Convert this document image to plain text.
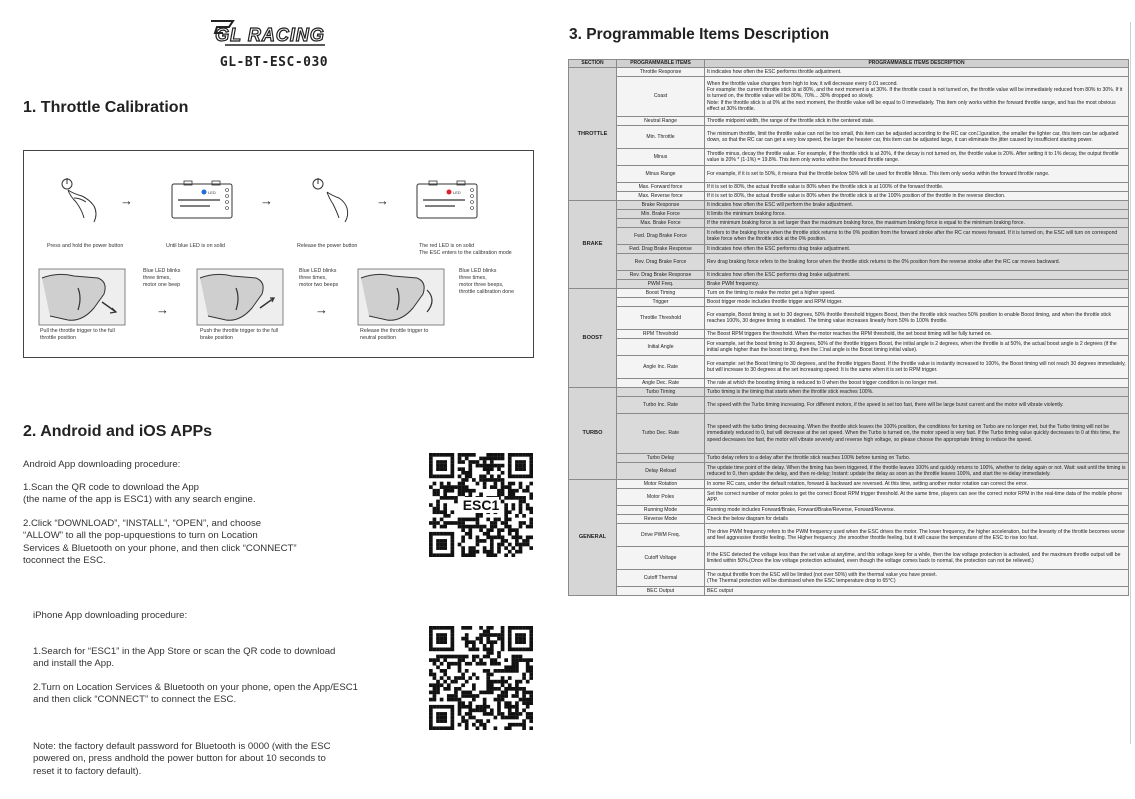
GL RACING
GL-BT-ESC-030
1. Throttle Calibration
→
LED
→	→
LED
Press and hold the power button	Until blue LED is on solid	Release the power button	The red LED is on solid
The ESC enters to the calibration mode
Blue LED blinks
three times,
motor one beep
→
Blue LED blinks
three times,
motor two beeps
→
Blue LED blinks
three times,
motor three beeps,
throttle calibration done
Pull the throttle trigger to the full
throttle position
Push the throttle trigger to the full
brake position
Release the throttle trigger to
neutral position
2. Android and iOS APPs
Android App downloading procedure:
1.Scan the QR code to download the App
(the name of the app is ESC1) with any search engine.
2.Click “DOWNLOAD”, “INSTALL”, “OPEN”, and choose
“ALLOW” to all the pop-upquestions to turn on Location
Services & Bluetooth on your phone, and then click “CONNECT”
toconnect the ESC.
ESC1
iPhone App downloading procedure:
1.Search for “ESC1” in the App Store or scan the QR code to download
and install the App.
2.Turn on Location Services & Bluetooth on your phone, open the App/ESC1
and then click “CONNECT” to connect the ESC.
Note: the factory default password for Bluetooth is 0000 (with the ESC
powered on, press andhold the power button for about 10 seconds to
reset it to factory default).
3. Programmable Items Description
SECTION	PROGRAMMABLE ITEMS	PROGRAMMABLE ITEMS DESCRIPTION
THROTTLE	Throttle Response	It indicates how often the ESC performs throttle adjustment.
	Coast	When the throttle value changes from high to low, it will decrease every 0.01 second.
For example: the current throttle stick is at 80%, and the next moment is at 30%. If the throttle coast is not turned on, the throttle value will be immediately reduced from 80% to 30%. If it is turned on, the throttle value will be 80%, 70%... 30% dropped so slowly.
Note: If the throttle stick is at 0% at the next moment, the throttle value will be equal to 0 immediately. This item only works within the forward throttle range, and has the most obvious effect at 30% throttle.
	Neutral Range	Throttle midpoint width, the range of the throttle stick in the centered state.
	Min. Throttle	The minimum throttle, limit the throttle value can not be too small, this item can be adjusted according to the RC car con☐guration, the smaller the lighter car, this item can be adjusted down, so that the RC car can get a very low speed, the larger the heavier car, this item can be adjusted large, it can eliminate the jitter caused by insufficient starting power.
	Minus	Throttle minus, decay the throttle value. For example, if the throttle stick is at 20%, if the decay is not turned on, the throttle value is 20%. After setting it to 1% decay, the output throttle value is 20% * (1-1%) = 19.8%. This item only works within the forward throttle range.
	Minus Range	For example, if it is set to 50%, it means that the throttle below 50% will be used for throttle Minus. This item only works within the forward throttle range.
	Max. Forward force	If it is set to 80%, the actual throttle value is 80% when the throttle stick is at 100% of the forward throttle.
	Max. Reverse force	If it is set to 80%, the actual throttle value is 80% when the throttle stick is at the 100% position of the throttle in the reverse direction.
BRAKE	Brake Response	It indicates how often the ESC will perform the brake adjustment.
	Min. Brake Force	It limits the minimum braking force.
	Max. Brake Force	If the minimum braking force is set larger than the maximum braking force, the maximum braking force is equal to the minimum braking force.
	Fwd. Drag Brake Force	It refers to the braking force when the throttle stick returns to the 0% position from the forward stroke after the RC car moves forward. If it is turned on, the ESC will turn on correspond brake force when the throttle stick at the 0% position.
	Fwd. Drag Brake Response	It indicates how often the ESC performs drag brake adjustment.
	Rev. Drag Brake Force	Rev drag braking force refers to the braking force when the throttle stick returns to the 0% position from the reverse stroke after the RC car moves backward.
	Rev. Drag Brake Response	It indicates how often the ESC performs drag brake adjustment.
	PWM Freq.	Brake PWM frequency.
BOOST	Boost Timing	Turn on the timing to make the motor get a higher speed.
	Trigger	Boost trigger mode includes throttle trigger and RPM trigger.
	Throttle Threshold	For example, Boost timing is set to 30 degrees, 50% throttle threshold triggers Boost, then the throttle stick reaches 50% position to enable Boost timing, and when the throttle stick reaches 100%, 30 degree timing is enabled. The timing value increases linearly from 50% to 100% throttle.
	RPM Threshold	The Boost RPM triggers the threshold. When the motor reaches the RPM threshold, the set boost timing will be fully turned on.
	Initial Angle	For example, set the boost timing to 30 degrees, 50% of the throttle triggers Boost, the initial angle is 2 degrees, when the throttle is at 50%, the actual boost angle is 2 degrees (if the initial angle higher than the boost timing, then the ☐nal angle is the Boost timing initial value).
	Angle Inc. Rate	For example: set the Boost timing to 30 degrees, and the throttle triggers Boost. If the throttle value is instantly increased to 100%, the Boost timing will not reach 30 degrees immediately, but will increase to 30 degrees at the set increasing speed: It is the same when it is set to RPM trigger.
	Angle Dec. Rate	The rate at which the boosting timing is reduced to 0 when the boost trigger condition is no longer met.
TURBO	Turbo Timing	Turbo timing is the timing that starts when the throttle stick reaches 100%.
	Turbo Inc. Rate	The speed with the Turbo timing increasing. For different motors, if the speed is set too fast, there will be large burst current and the motor will vibrate violently.
	Turbo Dec. Rate	The speed with the turbo timing decreasing. When the throttle stick leaves the 100% position, the conditions for turning on Turbo are no longer met, but the Turbo timing will not be immediately reduced to 0, but will decrease at the set speed. When the Turbo is turned on, the motor speed is very fast. If the Turbo timing value quickly decreases to 0 at this time, the speed decreases too fast, the motor will vibrate severely and reverse high voltage, so please choose the appropriate timing to reduce the speed.
	Turbo Delay	Turbo delay refers to a delay after the throttle stick reaches 100% before turning on Turbo.
	Delay Reload	The update time point of the delay. When the timing has been triggered, if the throttle leaves 100% and quickly returns to 100%, whether to delay again or not. Wait: wait until the timing is reduced to 0, then update the delay, and then re-delay; Instant: update the delay as soon as the throttle leaves 100%, and start the re-delay immediately.
GENERAL	Motor Rotation	In some RC cars, under the default rotation, forward & backward are reversed. At this time, setting another motor rotation can correct the error.
	Motor Poles	Set the correct number of motor poles to get the correct Boost RPM trigger threshold. At the same time, players can see the correct motor RPM in the real-time data of the mobile phone APP.
	Running Mode	Running mode includes Forward/Brake, Forward/Brake/Reverse, Forward/Reverse.
	Reverse Mode	Check the below diagram for details
	Drive PWM Freq.	The drive PWM frequency refers to the PWM frequency used when the ESC drives the motor. The lower frequency, the higher acceleration, but the linearity of the throttle becomes worse and feel aggressive throttle feeling. The Higher frequency ,the smoother throttle feeling, but it will cause the temperature of the ESC to rise too fast.
	Cutoff Voltage	If the ESC detected the voltage less than the set value at anytime, and this voltage keep for a while, then the low voltage protection is activated, and the maximum throttle output will be limited within 50%.(Once the low voltage protection activated, even though the voltage comes back to normal, the protection can not be relieved.)
	Cutoff Thermal	The output throttle from the ESC will be limited (not over 50%) with the thermal value you have preset.
(The Thermal protection will be dismissed when the ESC temperature drop to 65℃)
	BEC Output	BEC output
